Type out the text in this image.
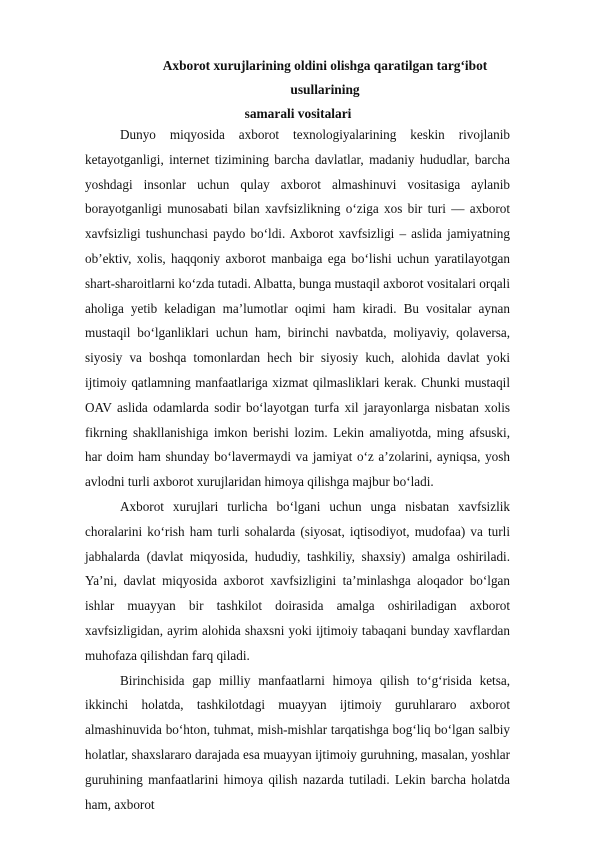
Axborot xurujlarining oldini olishga qaratilgan targ‘ibot usullarining
samarali vositalari

Dunyo miqyosida axborot texnologiyalarining keskin rivojlanib ketayotganligi, internet tizimining barcha davlatlar, madaniy hududlar, barcha yoshdagi insonlar uchun qulay axborot almashinuvi vositasiga aylanib borayotganligi munosabati bilan xavfsizlikning o‘ziga xos bir turi — axborot xavfsizligi tushunchasi paydo bo‘ldi. Axborot xavfsizligi – aslida jamiyatning ob’ektiv, xolis, haqqoniy axborot manbaiga ega bo‘lishi uchun yaratilayotgan shart-sharoitlarni ko‘zda tutadi. Albatta, bunga mustaqil axborot vositalari orqali aholiga yetib keladigan ma’lumotlar oqimi ham kiradi. Bu vositalar aynan mustaqil bo‘lganliklari uchun ham, birinchi navbatda, moliyaviy, qolaversa, siyosiy va boshqa tomonlardan hech bir siyosiy kuch, alohida davlat yoki ijtimoiy qatlamning manfaatlariga xizmat qilmasliklari kerak. Chunki mustaqil OAV aslida odamlarda sodir bo‘layotgan turfa xil jarayonlarga nisbatan xolis fikrning shakllanishiga imkon berishi lozim. Lekin amaliyotda, ming afsuski, har doim ham shunday bo‘lavermaydi va jamiyat o‘z a’zolarini, ayniqsa, yosh avlodni turli axborot xurujlaridan himoya qilishga majbur bo‘ladi.

Axborot xurujlari turlicha bo‘lgani uchun unga nisbatan xavfsizlik choralarini ko‘rish ham turli sohalarda (siyosat, iqtisodiyot, mudofaa) va turli jabhalarda (davlat miqyosida, hududiy, tashkiliy, shaxsiy) amalga oshiriladi. Ya’ni, davlat miqyosida axborot xavfsizligini ta’minlashga aloqador bo‘lgan ishlar muayyan bir tashkilot doirasida amalga oshiriladigan axborot xavfsizligidan, ayrim alohida shaxsni yoki ijtimoiy tabaqani bunday xavflardan muhofaza qilishdan farq qiladi.

Birinchisida gap milliy manfaatlarni himoya qilish to‘g‘risida ketsa, ikkinchi holatda, tashkilotdagi muayyan ijtimoiy guruhlararo axborot almashinuvida bo‘hton, tuhmat, mish-mishlar tarqatishga bog‘liq bo‘lgan salbiy holatlar, shaxslararo darajada esa muayyan ijtimoiy guruhning, masalan, yoshlar guruhining manfaatlarini himoya qilish nazarda tutiladi. Lekin barcha holatda ham, axborot
